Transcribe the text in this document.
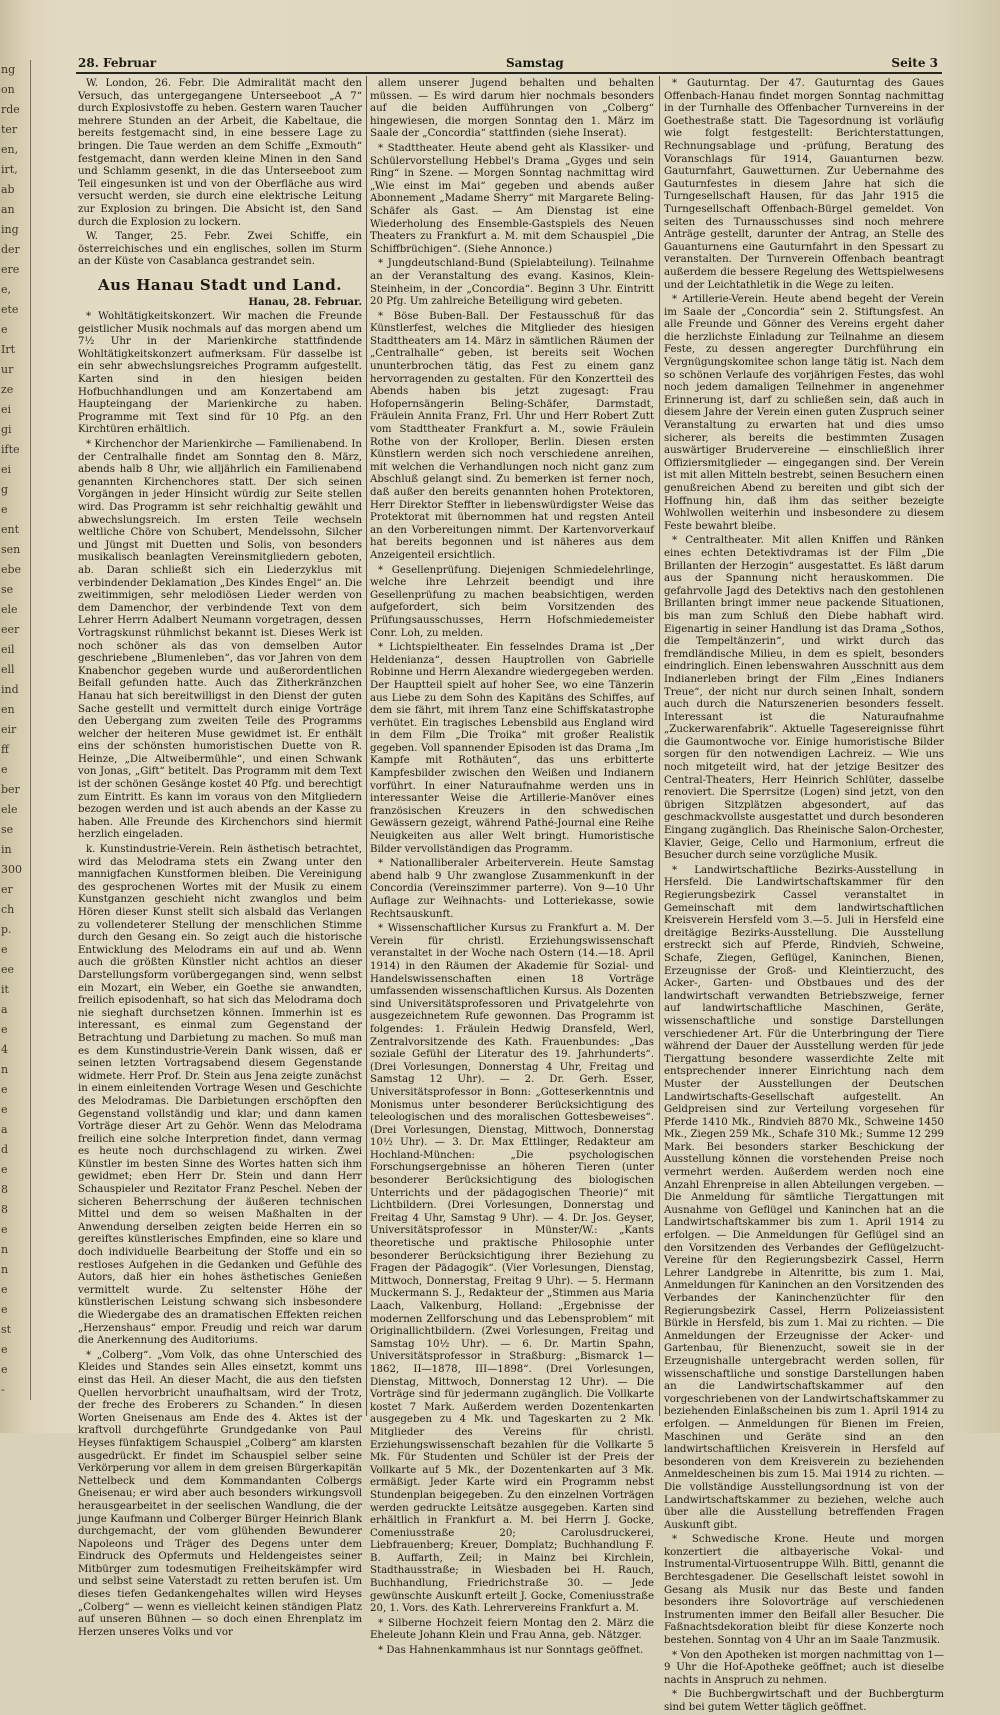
ng
on
rde
ter
en,
irt,
ab
an
ing
der
ere
e,
ete
e
Irt
ur
ze
ei
gi
ifte
ei
g
e
ent
sen
ebe
se
ele
eer
eil
ell
ind
en
eir
ff
e
ber
ele
se
in
300
er
ch
p.
e
ee
it
a
e
4
n
e
e
a
d
e
8
8
e
n
n
e
e
st
e
e
-
28. Februar	Samstag	Seite 3

W. London, 26. Febr. Die Admiralität macht den Versuch, das untergegangene Unterseeboot „A 7“ durch Explosivstoffe zu heben. Gestern waren Taucher mehrere Stunden an der Arbeit, die Kabeltaue, die bereits festgemacht sind, in eine bessere Lage zu bringen. Die Taue werden an dem Schiffe „Exmouth“ festgemacht, dann werden kleine Minen in den Sand und Schlamm gesenkt, in die das Unterseeboot zum Teil eingesunken ist und von der Oberfläche aus wird versucht werden, sie durch eine elektrische Leitung zur Explosion zu bringen. Die Absicht ist, den Sand durch die Explosion zu lockern.

W. Tanger, 25. Febr. Zwei Schiffe, ein österreichisches und ein englisches, sollen im Sturm an der Küste von Casablanca gestrandet sein.

Aus Hanau Stadt und Land.
Hanau, 28. Februar.

* Wohltätigkeitskonzert. Wir machen die Freunde geistlicher Musik nochmals auf das morgen abend um 7½ Uhr in der Marienkirche stattfindende Wohltätigkeitskonzert aufmerksam. Für dasselbe ist ein sehr abwechslungsreiches Programm aufgestellt. Karten sind in den hiesigen beiden Hofbuchhandlungen und am Konzertabend am Haupteingang der Marienkirche zu haben. Programme mit Text sind für 10 Pfg. an den Kirchtüren erhältlich.

* Kirchenchor der Marienkirche — Familienabend. In der Centralhalle findet am Sonntag den 8. März, abends halb 8 Uhr, wie alljährlich ein Familienabend genannten Kirchenchores statt. Der sich seinen Vorgängen in jeder Hinsicht würdig zur Seite stellen wird. Das Programm ist sehr reichhaltig gewählt und abwechslungsreich. Im ersten Teile wechseln weltliche Chöre von Schubert, Mendelssohn, Silcher und Jüngst mit Duetten und Solis, von besonders musikalisch beanlagten Vereinsmitgliedern geboten, ab. Daran schließt sich ein Liederzyklus mit verbindender Deklamation „Des Kindes Engel“ an. Die zweitimmigen, sehr melodiösen Lieder werden von dem Damenchor, der verbindende Text von dem Lehrer Herrn Adalbert Neumann vorgetragen, dessen Vortragskunst rühmlichst bekannt ist. Dieses Werk ist noch schöner als das von demselben Autor geschriebene „Blumenleben“, das vor Jahren von dem Knabenchor gegeben wurde und außerordentlichen Beifall gefunden hatte. Auch das Zitherkränzchen Hanau hat sich bereitwilligst in den Dienst der guten Sache gestellt und vermittelt durch einige Vorträge den Uebergang zum zweiten Teile des Programms welcher der heiteren Muse gewidmet ist. Er enthält eins der schönsten humoristischen Duette von R. Heinze, „Die Altweibermühle“, und einen Schwank von Jonas, „Gift“ betitelt. Das Programm mit dem Text ist der schönen Gesänge kostet 40 Pfg. und berechtigt zum Eintritt. Es kann im voraus von den Mitgliedern bezogen werden und ist auch abends an der Kasse zu haben. Alle Freunde des Kirchenchors sind hiermit herzlich eingeladen.

k. Kunstindustrie-Verein. Rein ästhetisch betrachtet, wird das Melodrama stets ein Zwang unter den mannigfachen Kunstformen bleiben. Die Vereinigung des gesprochenen Wortes mit der Musik zu einem Kunstganzen geschieht nicht zwanglos und beim Hören dieser Kunst stellt sich alsbald das Verlangen zu vollendeterer Stellung der menschlichen Stimme durch den Gesang ein. So zeigt auch die historische Entwicklung des Melodrams ein auf und ab. Wenn auch die größten Künstler nicht achtlos an dieser Darstellungsform vorübergegangen sind, wenn selbst ein Mozart, ein Weber, ein Goethe sie anwandten, freilich episodenhaft, so hat sich das Melodrama doch nie sieghaft durchsetzen können. Immerhin ist es interessant, es einmal zum Gegenstand der Betrachtung und Darbietung zu machen. So muß man es dem Kunstindustrie-Verein Dank wissen, daß er seinen letzten Vortragsabend diesem Gegenstande widmete. Herr Prof. Dr. Stein aus Jena zeigte zunächst in einem einleitenden Vortrage Wesen und Geschichte des Melodramas. Die Darbietungen erschöpften den Gegenstand vollständig und klar; und dann kamen Vorträge dieser Art zu Gehör. Wenn das Melodrama freilich eine solche Interpretion findet, dann vermag es heute noch durchschlagend zu wirken. Zwei Künstler im besten Sinne des Wortes hatten sich ihm gewidmet; eben Herr Dr. Stein und dann Herr Schauspieler und Rezitator Franz Peschel. Neben der sicheren Beherrschung der äußeren technischen Mittel und dem so weisen Maßhalten in der Anwendung derselben zeigten beide Herren ein so gereiftes künstlerisches Empfinden, eine so klare und doch individuelle Bearbeitung der Stoffe und ein so restloses Aufgehen in die Gedanken und Gefühle des Autors, daß hier ein hohes ästhetisches Genießen vermittelt wurde. Zu seltenster Höhe der künstlerischen Leistung schwang sich insbesondere die Wiedergabe des an dramatischen Effekten reichen „Herzenshaus“ empor. Freudig und reich war darum die Anerkennung des Auditoriums.

* „Colberg“. „Vom Volk, das ohne Unterschied des Kleides und Standes sein Alles einsetzt, kommt uns einst das Heil. An dieser Macht, die aus den tiefsten Quellen hervorbricht unaufhaltsam, wird der Trotz, der freche des Eroberers zu Schanden.“ In diesen Worten Gneisenaus am Ende des 4. Aktes ist der kraftvoll durchgeführte Grundgedanke von Paul Heyses fünfaktigem Schauspiel „Colberg“ am klarsten ausgedrückt. Er findet im Schauspiel selber seine Verkörperung vor allem in dem greisen Bürgerkapitän Nettelbeck und dem Kommandanten Colbergs Gneisenau; er wird aber auch besonders wirkungsvoll herausgearbeitet in der seelischen Wandlung, die der junge Kaufmann und Colberger Bürger Heinrich Blank durchgemacht, der vom glühenden Bewunderer Napoleons und Träger des Degens unter dem Eindruck des Opfermuts und Heldengeistes seiner Mitbürger zum todesmutigen Freiheitskämpfer wird und selbst seine Vaterstadt zu retten berufen ist. Um dieses tiefen Gedankengehaltes willen wird Heyses „Colberg“ — wenn es vielleicht keinen ständigen Platz auf unseren Bühnen — so doch einen Ehrenplatz im Herzen unseres Volks und vor

allem unserer Jugend behalten und behalten müssen. — Es wird darum hier nochmals besonders auf die beiden Aufführungen von „Colberg“ hingewiesen, die morgen Sonntag den 1. März im Saale der „Concordia“ stattfinden (siehe Inserat).

* Stadttheater. Heute abend geht als Klassiker- und Schülervorstellung Hebbel's Drama „Gyges und sein Ring“ in Szene. — Morgen Sonntag nachmittag wird „Wie einst im Mai“ gegeben und abends außer Abonnement „Madame Sherry“ mit Margarete Beling-Schäfer als Gast. — Am Dienstag ist eine Wiederholung des Ensemble-Gastspiels des Neuen Theaters zu Frankfurt a. M. mit dem Schauspiel „Die Schiffbrüchigen“. (Siehe Annonce.)

* Jungdeutschland-Bund (Spielabteilung). Teilnahme an der Veranstaltung des evang. Kasinos, Klein-Steinheim, in der „Concordia“. Beginn 3 Uhr. Eintritt 20 Pfg. Um zahlreiche Beteiligung wird gebeten.

* Böse Buben-Ball. Der Festausschuß für das Künstlerfest, welches die Mitglieder des hiesigen Stadttheaters am 14. März in sämtlichen Räumen der „Centralhalle“ geben, ist bereits seit Wochen ununterbrochen tätig, das Fest zu einem ganz hervorragenden zu gestalten. Für den Konzertteil des Abends haben bis jetzt zugesagt: Frau Hofopernsängerin Beling-Schäfer, Darmstadt, Fräulein Annita Franz, Frl. Uhr und Herr Robert Zutt vom Stadttheater Frankfurt a. M., sowie Fräulein Rothe von der Krolloper, Berlin. Diesen ersten Künstlern werden sich noch verschiedene anreihen, mit welchen die Verhandlungen noch nicht ganz zum Abschluß gelangt sind. Zu bemerken ist ferner noch, daß außer den bereits genannten hohen Protektoren, Herr Direktor Steffter in liebenswürdigster Weise das Protektorat mit übernommen hat und regsten Anteil an den Vorbereitungen nimmt. Der Kartenvorverkauf hat bereits begonnen und ist näheres aus dem Anzeigenteil ersichtlich.

* Gesellenprüfung. Diejenigen Schmiedelehrlinge, welche ihre Lehrzeit beendigt und ihre Gesellenprüfung zu machen beabsichtigen, werden aufgefordert, sich beim Vorsitzenden des Prüfungsausschusses, Herrn Hofschmiedemeister Conr. Loh, zu melden.

* Lichtspieltheater. Ein fesselndes Drama ist „Der Heldenianza“, dessen Hauptrollen von Gabrielle Robinne und Herrn Alexandre wiedergegeben werden. Der Hauptteil spielt auf hoher See, wo eine Tänzerin aus Liebe zu dem Sohn des Kapitäns des Schiffes, auf dem sie fährt, mit ihrem Tanz eine Schiffskatastrophe verhütet. Ein tragisches Lebensbild aus England wird in dem Film „Die Troika“ mit großer Realistik gegeben. Voll spannender Episoden ist das Drama „Im Kampfe mit Rothäuten“, das uns erbitterte Kampfesbilder zwischen den Weißen und Indianern vorführt. In einer Naturaufnahme werden uns in interessanter Weise die Artillerie-Manöver eines französischen Kreuzers in den schwedischen Gewässern gezeigt, während Pathé-Journal eine Reihe Neuigkeiten aus aller Welt bringt. Humoristische Bilder vervollständigen das Programm.

* Nationalliberaler Arbeiterverein. Heute Samstag abend halb 9 Uhr zwanglose Zusammenkunft in der Concordia (Vereinszimmer parterre). Von 9—10 Uhr Auflage zur Weihnachts- und Lotteriekasse, sowie Rechtsauskunft.

* Wissenschaftlicher Kursus zu Frankfurt a. M. Der Verein für christl. Erziehungswissenschaft veranstaltet in der Woche nach Ostern (14.—18. April 1914) in den Räumen der Akademie für Sozial- und Handelswissenschaften einen 18 Vorträge umfassenden wissenschaftlichen Kursus. Als Dozenten sind Universitätsprofessoren und Privatgelehrte von ausgezeichnetem Rufe gewonnen. Das Programm ist folgendes: 1. Fräulein Hedwig Dransfeld, Werl, Zentralvorsitzende des Kath. Frauenbundes: „Das soziale Gefühl der Literatur des 19. Jahrhunderts“. (Drei Vorlesungen, Donnerstag 4 Uhr, Freitag und Samstag 12 Uhr). — 2. Dr. Gerh. Esser, Universitätsprofessor in Bonn: „Gotteserkenntnis und Monismus unter besonderer Berücksichtigung des teleologischen und des moralischen Gottesbeweises“. (Drei Vorlesungen, Dienstag, Mittwoch, Donnerstag 10½ Uhr). — 3. Dr. Max Ettlinger, Redakteur am Hochland-München: „Die psychologischen Forschungsergebnisse an höheren Tieren (unter besonderer Berücksichtigung des biologischen Unterrichts und der pädagogischen Theorie)“ mit Lichtbildern. (Drei Vorlesungen, Donnerstag und Freitag 4 Uhr, Samstag 9 Uhr). — 4. Dr. Jos. Geyser, Universitätsprofessor in Münster/W.: „Kants theoretische und praktische Philosophie unter besonderer Berücksichtigung ihrer Beziehung zu Fragen der Pädagogik“. (Vier Vorlesungen, Dienstag, Mittwoch, Donnerstag, Freitag 9 Uhr). — 5. Hermann Muckermann S. J., Redakteur der „Stimmen aus Maria Laach, Valkenburg, Holland: „Ergebnisse der modernen Zellforschung und das Lebensproblem“ mit Originallichtbildern. (Zwei Vorlesungen, Freitag und Samstag 10½ Uhr). — 6. Dr. Martin Spahn, Universitätsprofessor in Straßburg: „Bismarck 1—1862, II—1878, III—1898“. (Drei Vorlesungen, Dienstag, Mittwoch, Donnerstag 12 Uhr). — Die Vorträge sind für jedermann zugänglich. Die Vollkarte kostet 7 Mark. Außerdem werden Dozentenkarten ausgegeben zu 4 Mk. und Tageskarten zu 2 Mk. Mitglieder des Vereins für christl. Erziehungswissenschaft bezahlen für die Vollkarte 5 Mk. Für Studenten und Schüler ist der Preis der Vollkarte auf 5 Mk., der Dozentenkarten auf 3 Mk. ermäßigt. Jeder Karte wird ein Programm nebst Stundenplan beigegeben. Zu den einzelnen Vorträgen werden gedruckte Leitsätze ausgegeben. Karten sind erhältlich in Frankfurt a. M. bei Herrn J. Gocke, Comeniusstraße 20; Carolusdruckerei, Liebfrauenberg; Kreuer, Domplatz; Buchhandlung F. B. Auffarth, Zeil; in Mainz bei Kirchlein, Stadthausstraße; in Wiesbaden bei H. Rauch, Buchhandlung, Friedrichstraße 30. — Jede gewünschte Auskunft erteilt J. Gocke, Comeniusstraße 20, 1. Vors. des Kath. Lehrervereins Frankfurt a. M.

* Silberne Hochzeit feiern Montag den 2. März die Eheleute Johann Klein und Frau Anna, geb. Nätzger.

* Das Hahnenkammhaus ist nur Sonntags geöffnet.

* Gauturntag. Der 47. Gauturntag des Gaues Offenbach-Hanau findet morgen Sonntag nachmittag in der Turnhalle des Offenbacher Turnvereins in der Goethestraße statt. Die Tagesordnung ist vorläufig wie folgt festgestellt: Berichterstattungen, Rechnungsablage und -prüfung, Beratung des Voranschlags für 1914, Gauanturnen bezw. Gauturnfahrt, Gauwetturnen. Zur Uebernahme des Gauturnfestes in diesem Jahre hat sich die Turngesellschaft Hausen, für das Jahr 1915 die Turngesellschaft Offenbach-Bürgel gemeldet. Von seiten des Turnausschusses sind noch mehrere Anträge gestellt, darunter der Antrag, an Stelle des Gauanturnens eine Gauturnfahrt in den Spessart zu veranstalten. Der Turnverein Offenbach beantragt außerdem die bessere Regelung des Wettspielwesens und der Leichtathletik in die Wege zu leiten.

* Artillerie-Verein. Heute abend begeht der Verein im Saale der „Concordia“ sein 2. Stiftungsfest. An alle Freunde und Gönner des Vereins ergeht daher die herzlichste Einladung zur Teilnahme an diesem Feste, zu dessen angeregter Durchführung ein Vergnügungskomitee schon lange tätig ist. Nach dem so schönen Verlaufe des vorjährigen Festes, das wohl noch jedem damaligen Teilnehmer in angenehmer Erinnerung ist, darf zu schließen sein, daß auch in diesem Jahre der Verein einen guten Zuspruch seiner Veranstaltung zu erwarten hat und dies umso sicherer, als bereits die bestimmten Zusagen auswärtiger Brudervereine — einschließlich ihrer Offiziersmitglieder — eingegangen sind. Der Verein ist mit allen Mitteln bestrebt, seinen Besuchern einen genußreichen Abend zu bereiten und gibt sich der Hoffnung hin, daß ihm das seither bezeigte Wohlwollen weiterhin und insbesondere zu diesem Feste bewahrt bleibe.

* Centraltheater. Mit allen Kniffen und Ränken eines echten Detektivdramas ist der Film „Die Brillanten der Herzogin“ ausgestattet. Es läßt darum aus der Spannung nicht herauskommen. Die gefahrvolle Jagd des Detektivs nach den gestohlenen Brillanten bringt immer neue packende Situationen, bis man zum Schluß den Diebe habhaft wird. Eigenartig in seiner Handlung ist das Drama „Sothos, die Tempeltänzerin“, und wirkt durch das fremdländische Milieu, in dem es spielt, besonders eindringlich. Einen lebenswahren Ausschnitt aus dem Indianerleben bringt der Film „Eines Indianers Treue“, der nicht nur durch seinen Inhalt, sondern auch durch die Naturszenerien besonders fesselt. Interessant ist die Naturaufnahme „Zuckerwarenfabrik“. Aktuelle Tagesereignisse führt die Gaumontwoche vor. Einige humoristische Bilder sorgen für den notwendigen Lachreiz. — Wie uns noch mitgeteilt wird, hat der jetzige Besitzer des Central-Theaters, Herr Heinrich Schlüter, dasselbe renoviert. Die Sperrsitze (Logen) sind jetzt, von den übrigen Sitzplätzen abgesondert, auf das geschmackvollste ausgestattet und durch besonderen Eingang zugänglich. Das Rheinische Salon-Orchester, Klavier, Geige, Cello und Harmonium, erfreut die Besucher durch seine vorzügliche Musik.

* Landwirtschaftliche Bezirks-Ausstellung in Hersfeld. Die Landwirtschaftskammer für den Regierungsbezirk Cassel veranstaltet in Gemeinschaft mit dem landwirtschaftlichen Kreisverein Hersfeld vom 3.—5. Juli in Hersfeld eine dreitägige Bezirks-Ausstellung. Die Ausstellung erstreckt sich auf Pferde, Rindvieh, Schweine, Schafe, Ziegen, Geflügel, Kaninchen, Bienen, Erzeugnisse der Groß- und Kleintierzucht, des Acker-, Garten- und Obstbaues und des der landwirtschaft verwandten Betriebszweige, ferner auf landwirtschaftliche Maschinen, Geräte, wissenschaftliche und sonstige Darstellungen verschiedener Art. Für die Unterbringung der Tiere während der Dauer der Ausstellung werden für jede Tiergattung besondere wasserdichte Zelte mit entsprechender innerer Einrichtung nach dem Muster der Ausstellungen der Deutschen Landwirtschafts-Gesellschaft aufgestellt. An Geldpreisen sind zur Verteilung vorgesehen für Pferde 1410 Mk., Rindvieh 8870 Mk., Schweine 1450 Mk., Ziegen 259 Mk., Schafe 310 Mk.; Summe 12 299 Mark. Bei besonders starker Beschickung der Ausstellung können die vorstehenden Preise noch vermehrt werden. Außerdem werden noch eine Anzahl Ehrenpreise in allen Abteilungen vergeben. — Die Anmeldung für sämtliche Tiergattungen mit Ausnahme von Geflügel und Kaninchen hat an die Landwirtschaftskammer bis zum 1. April 1914 zu erfolgen. — Die Anmeldungen für Geflügel sind an den Vorsitzenden des Verbandes der Geflügelzucht-Vereine für den Regierungsbezirk Cassel, Herrn Lehrer Landgrebe in Altenritte, bis zum 1. Mai, Anmeldungen für Kaninchen an den Vorsitzenden des Verbandes der Kaninchenzüchter für den Regierungsbezirk Cassel, Herrn Polizeiassistent Bürkle in Hersfeld, bis zum 1. Mai zu richten. — Die Anmeldungen der Erzeugnisse der Acker- und Gartenbau, für Bienenzucht, soweit sie in der Erzeugnishalle untergebracht werden sollen, für wissenschaftliche und sonstige Darstellungen haben an die Landwirtschaftskammer auf den vorgeschriebenen von der Landwirtschaftskammer zu beziehenden Einlaßscheinen bis zum 1. April 1914 zu erfolgen. — Anmeldungen für Bienen im Freien, Maschinen und Geräte sind an den landwirtschaftlichen Kreisverein in Hersfeld auf besonderen von dem Kreisverein zu beziehenden Anmeldescheinen bis zum 15. Mai 1914 zu richten. — Die vollständige Ausstellungsordnung ist von der Landwirtschaftskammer zu beziehen, welche auch über alle die Ausstellung betreffenden Fragen Auskunft gibt.

* Schwedische Krone. Heute und morgen konzertiert die altbayerische Vokal- und Instrumental-Virtuosentruppe Wilh. Bittl, genannt die Berchtesgadener. Die Gesellschaft leistet sowohl in Gesang als Musik nur das Beste und fanden besonders ihre Solovorträge auf verschiedenen Instrumenten immer den Beifall aller Besucher. Die Faßnachtsdekoration bleibt für diese Konzerte noch bestehen. Sonntag von 4 Uhr an im Saale Tanzmusik.

* Von den Apotheken ist morgen nachmittag von 1—9 Uhr die Hof-Apotheke geöffnet; auch ist dieselbe nachts in Anspruch zu nehmen.

* Die Buchbergwirtschaft und der Buchbergturm sind bei gutem Wetter täglich geöffnet.
